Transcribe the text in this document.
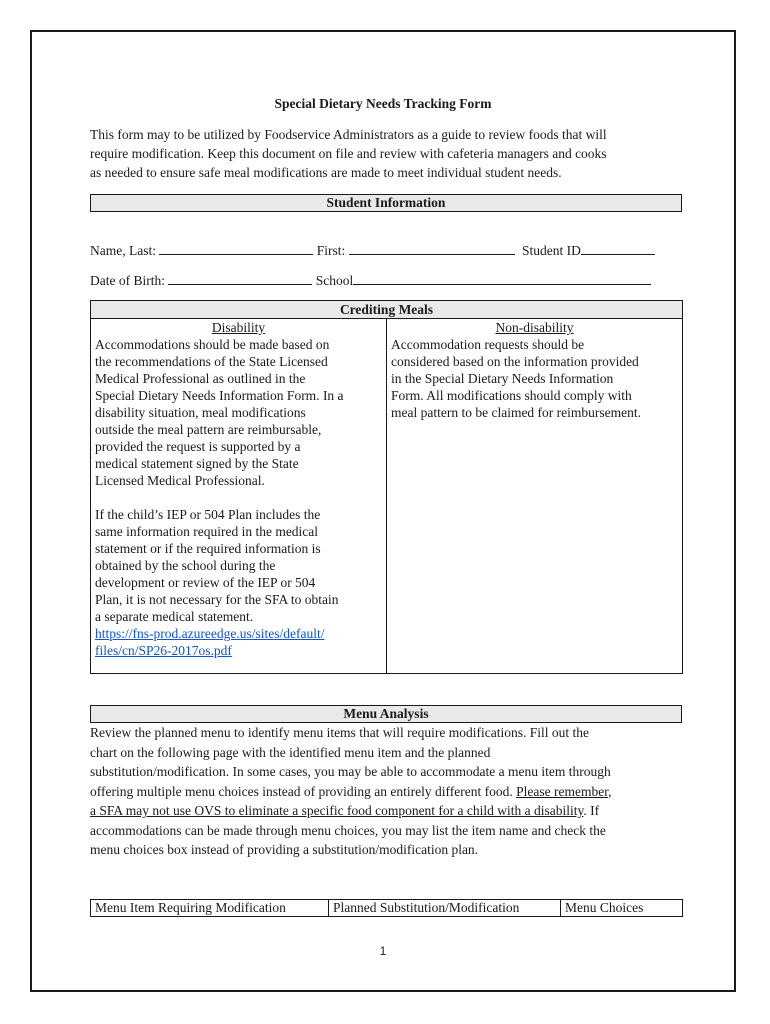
Special Dietary Needs Tracking Form
This form may to be utilized by Foodservice Administrators as a guide to review foods that will
require modification. Keep this document on file and review with cafeteria managers and cooks
as needed to ensure safe meal modifications are made to meet individual student needs.
Student Information
Name, Last:	First:	Student ID
Date of Birth:	School
Crediting Meals

Disability
Accommodations should be made based on
the recommendations of the State Licensed
Medical Professional as outlined in the
Special Dietary Needs Information Form. In a
disability situation, meal modifications
outside the meal pattern are reimbursable,
provided the request is supported by a
medical statement signed by the State
Licensed Medical Professional.
If the child’s IEP or 504 Plan includes the
same information required in the medical
statement or if the required information is
obtained by the school during the
development or review of the IEP or 504
Plan, it is not necessary for the SFA to obtain
a separate medical statement.
https://fns-prod.azureedge.us/sites/default/
files/cn/SP26-2017os.pdf

Non-disability
Accommodation requests should be
considered based on the information provided
in the Special Dietary Needs Information
Form. All modifications should comply with
meal pattern to be claimed for reimbursement.
Menu Analysis
Review the planned menu to identify menu items that will require modifications. Fill out the
chart on the following page with the identified menu item and the planned
substitution/modification. In some cases, you may be able to accommodate a menu item through
offering multiple menu choices instead of providing an entirely different food. Please remember,
a SFA may not use OVS to eliminate a specific food component for a child with a disability. If
accommodations can be made through menu choices, you may list the item name and check the
menu choices box instead of providing a substitution/modification plan.
Menu Item Requiring Modification	Planned Substitution/Modification	Menu Choices
1
